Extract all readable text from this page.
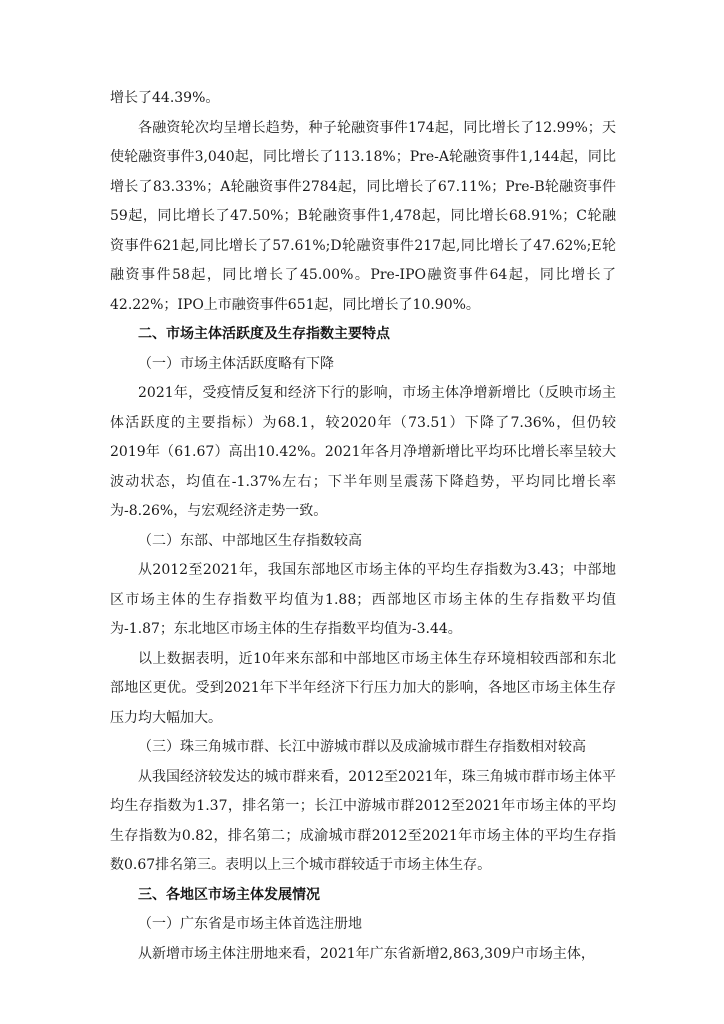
增长了44.39%。

各融资轮次均呈增长趋势，种子轮融资事件174起，同比增长了12.99%；天使轮融资事件3,040起，同比增长了113.18%；Pre-A轮融资事件1,144起，同比增长了83.33%；A轮融资事件2784起，同比增长了67.11%；Pre-B轮融资事件59起，同比增长了47.50%；B轮融资事件1,478起，同比增长68.91%；C轮融资事件621起,同比增长了57.61%;D轮融资事件217起,同比增长了47.62%;E轮融资事件58起，同比增长了45.00%。Pre-IPO融资事件64起，同比增长了42.22%；IPO上市融资事件651起，同比增长了10.90%。

二、市场主体活跃度及生存指数主要特点

（一）市场主体活跃度略有下降

2021年，受疫情反复和经济下行的影响，市场主体净增新增比（反映市场主体活跃度的主要指标）为68.1，较2020年（73.51）下降了7.36%，但仍较2019年（61.67）高出10.42%。2021年各月净增新增比平均环比增长率呈较大波动状态，均值在-1.37%左右；下半年则呈震荡下降趋势，平均同比增长率为-8.26%，与宏观经济走势一致。

（二）东部、中部地区生存指数较高

从2012至2021年，我国东部地区市场主体的平均生存指数为3.43；中部地区市场主体的生存指数平均值为1.88；西部地区市场主体的生存指数平均值为-1.87；东北地区市场主体的生存指数平均值为-3.44。

以上数据表明，近10年来东部和中部地区市场主体生存环境相较西部和东北部地区更优。受到2021年下半年经济下行压力加大的影响，各地区市场主体生存压力均大幅加大。

（三）珠三角城市群、长江中游城市群以及成渝城市群生存指数相对较高

从我国经济较发达的城市群来看，2012至2021年，珠三角城市群市场主体平均生存指数为1.37，排名第一；长江中游城市群2012至2021年市场主体的平均生存指数为0.82，排名第二；成渝城市群2012至2021年市场主体的平均生存指数0.67排名第三。表明以上三个城市群较适于市场主体生存。

三、各地区市场主体发展情况

（一）广东省是市场主体首选注册地

从新增市场主体注册地来看，2021年广东省新增2,863,309户市场主体，
